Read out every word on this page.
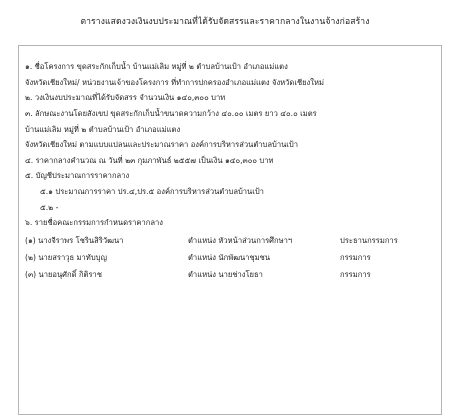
ตารางแสดงวงเงินงบประมาณที่ได้รับจัดสรรและราคากลางในงานจ้างก่อสร้าง
๑. ชื่อโครงการ ขุดสระกักเก็บน้ำ บ้านแม่เลิม หมู่ที่ ๒ ตำบลบ้านเป้า อำเภอแม่แตง
จังหวัดเชียงใหม่/ หน่วยงานเจ้าของโครงการ ที่ทำการปกครองอำเภอแม่แตง จังหวัดเชียงใหม่
๒. วงเงินงบประมาณที่ได้รับจัดสรร จำนวนเงิน ๑๔๐,๓๐๐ บาท
๓. ลักษณะงานโดยสังเขป ขุดสระกักเก็บน้ำขนาดความกว้าง ๔๐.๐๐ เมตร ยาว ๔๐.๐ เมตร
บ้านแม่เลิม หมู่ที่ ๒ ตำบลบ้านเป้า อำเภอแม่แตง
จังหวัดเชียงใหม่ ตามแบบแปลนและประมาณราคา องค์การบริหารส่วนตำบลบ้านเป้า
๔. ราคากลางคำนวณ ณ วันที่ ๒๓ กุมภาพันธ์ ๒๕๕๗ เป็นเงิน ๑๔๐,๓๐๐ บาท
๕. บัญชีประมาณการราคากลาง
๕.๑ ประมาณการราคา ปร.๔,ปร.๕ องค์การบริหารส่วนตำบลบ้านเป้า
๕.๒ -
๖. รายชื่อคณะกรรมการกำหนดราคากลาง
(๑) นางจีราพร โชรินสิริวัฒนา	ตำแหน่ง หัวหน้าส่วนการศึกษาฯ	ประธานกรรมการ
(๒) นายสราวุธ มาทับบุญ	ตำแหน่ง นักพัฒนาชุมชน	กรรมการ
(๓) นายอนุศักดิ์ กิติราช	ตำแหน่ง นายช่างโยธา	กรรมการ
